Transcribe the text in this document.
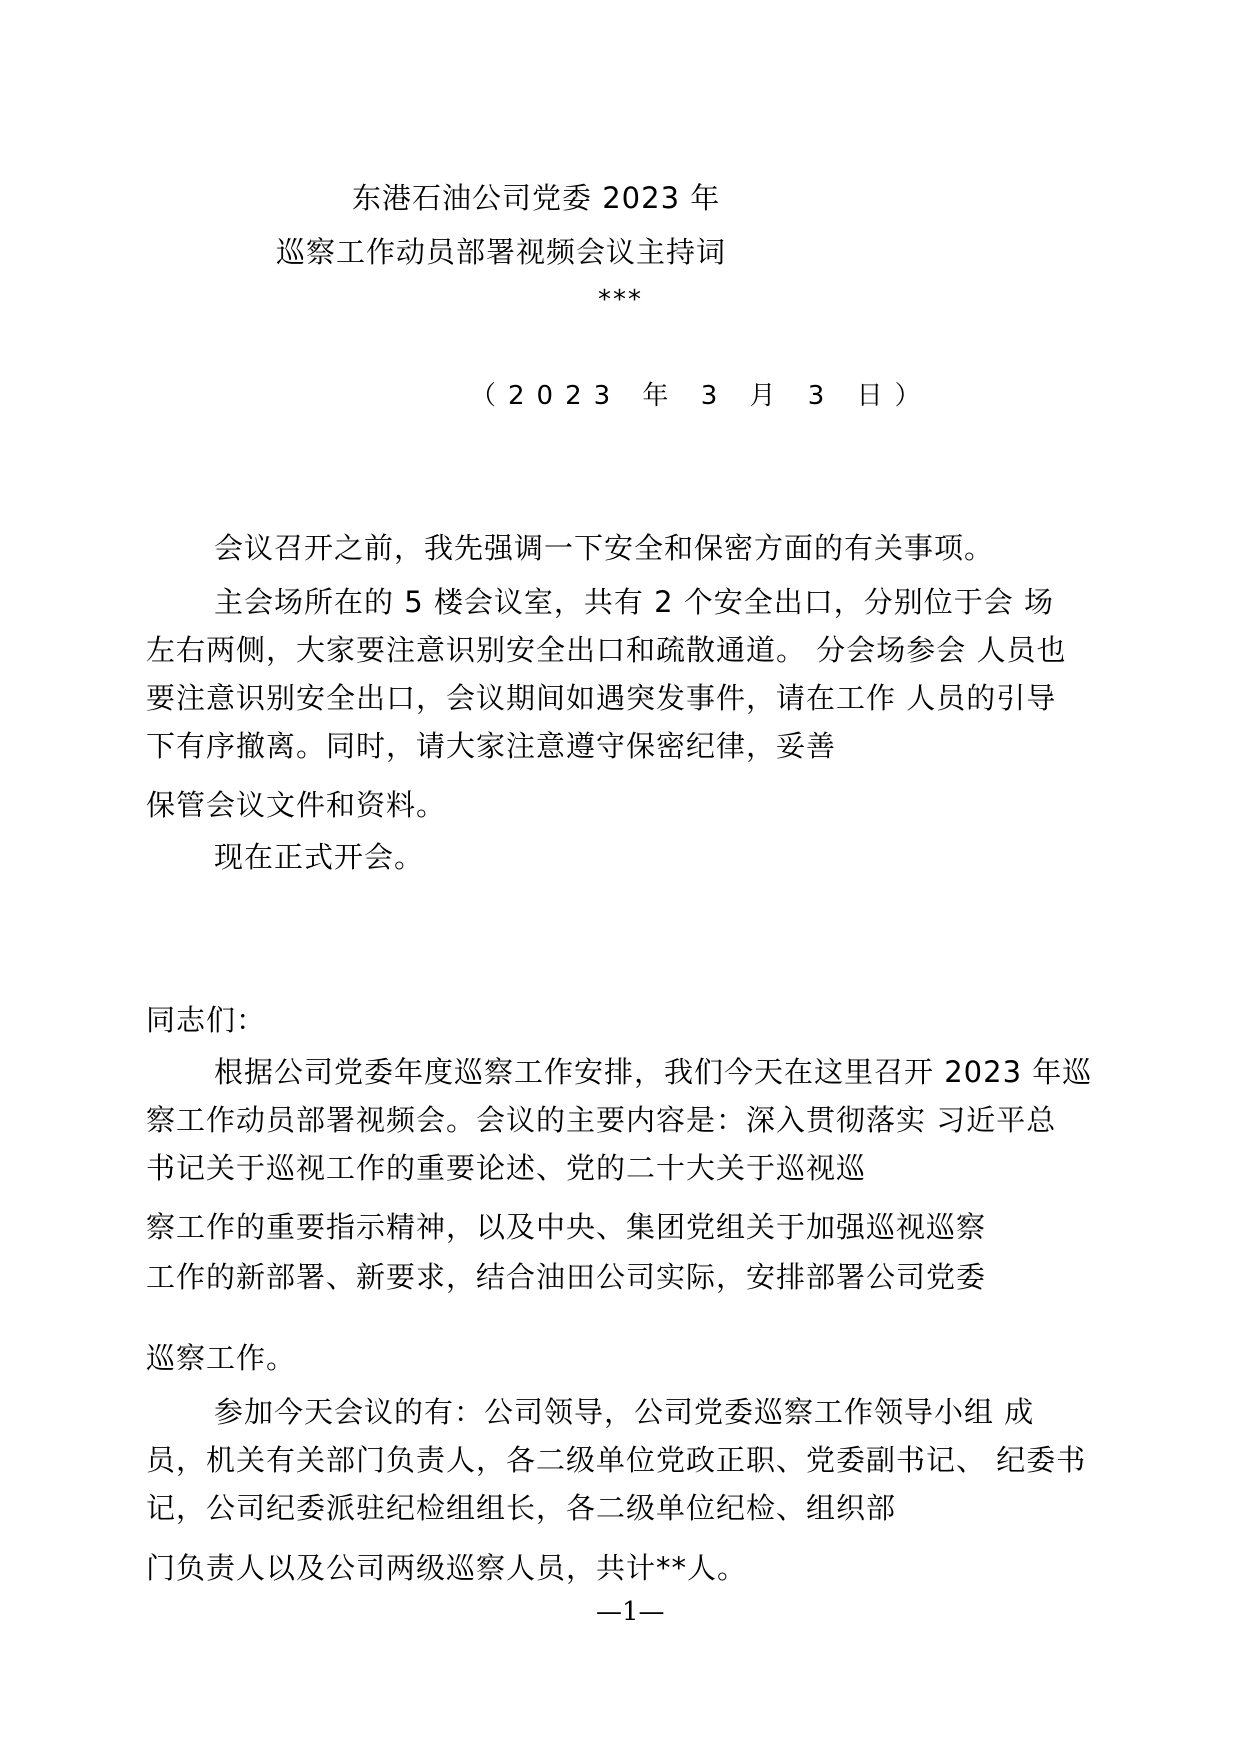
东港石油公司党委 2023 年
巡察工作动员部署视频会议主持词
***
（2023 年 3 月 3 日）
会议召开之前，我先强调一下安全和保密方面的有关事项。
主会场所在的 5 楼会议室，共有 2 个安全出口，分别位于会 场
左右两侧，大家要注意识别安全出口和疏散通道。 分会场参会 人员也
要注意识别安全出口，会议期间如遇突发事件，请在工作 人员的引导
下有序撤离。同时，请大家注意遵守保密纪律，妥善
保管会议文件和资料。
现在正式开会。
同志们：
根据公司党委年度巡察工作安排，我们今天在这里召开 2023 年巡
察工作动员部署视频会。会议的主要内容是：深入贯彻落实 习近平总
书记关于巡视工作的重要论述、党的二十大关于巡视巡
察工作的重要指示精神，以及中央、集团党组关于加强巡视巡察
工作的新部署、新要求，结合油田公司实际，安排部署公司党委
巡察工作。
参加今天会议的有：公司领导，公司党委巡察工作领导小组 成
员，机关有关部门负责人，各二级单位党政正职、党委副书记、 纪委书
记，公司纪委派驻纪检组组长，各二级单位纪检、组织部
门负责人以及公司两级巡察人员，共计**人。
—1—
